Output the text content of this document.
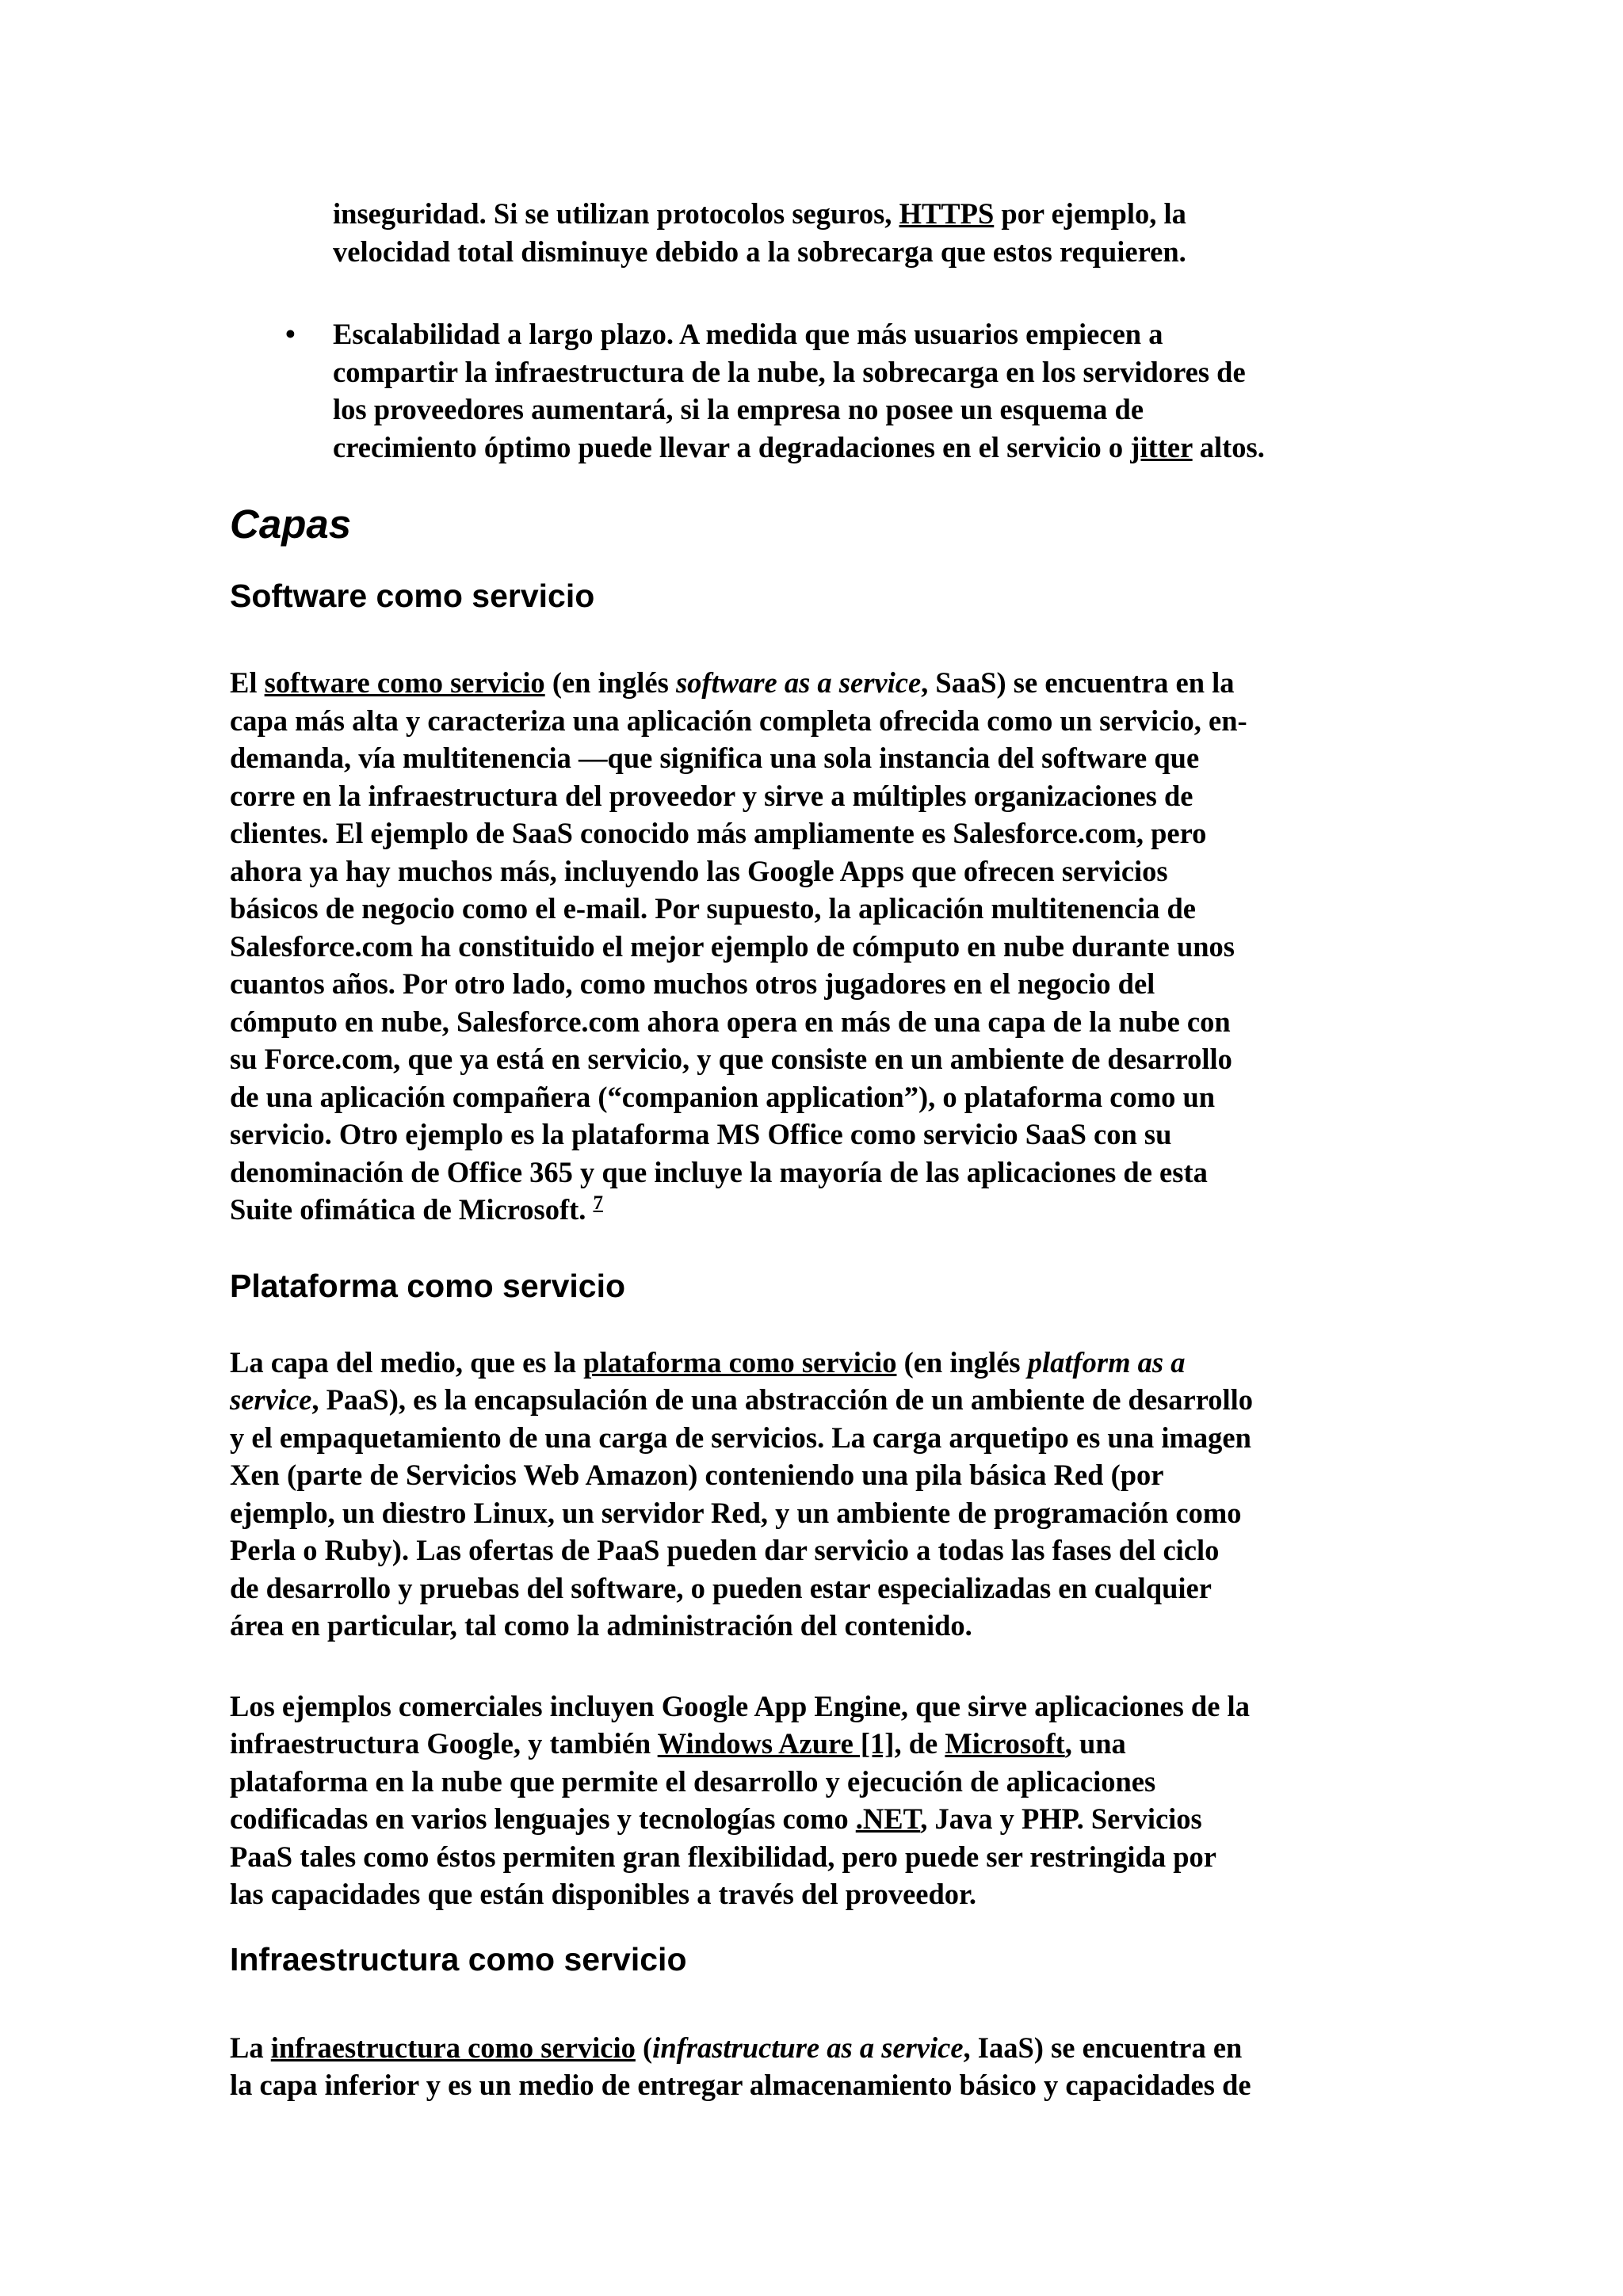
inseguridad. Si se utilizan protocolos seguros, HTTPS por ejemplo, la
velocidad total disminuye debido a la sobrecarga que estos requieren.

• Escalabilidad a largo plazo. A medida que más usuarios empiecen a
compartir la infraestructura de la nube, la sobrecarga en los servidores de
los proveedores aumentará, si la empresa no posee un esquema de
crecimiento óptimo puede llevar a degradaciones en el servicio o jitter altos.

Capas
Software como servicio

El software como servicio (en inglés software as a service, SaaS) se encuentra en la
capa más alta y caracteriza una aplicación completa ofrecida como un servicio, en-
demanda, vía multitenencia —que significa una sola instancia del software que
corre en la infraestructura del proveedor y sirve a múltiples organizaciones de
clientes. El ejemplo de SaaS conocido más ampliamente es Salesforce.com, pero
ahora ya hay muchos más, incluyendo las Google Apps que ofrecen servicios
básicos de negocio como el e-mail. Por supuesto, la aplicación multitenencia de
Salesforce.com ha constituido el mejor ejemplo de cómputo en nube durante unos
cuantos años. Por otro lado, como muchos otros jugadores en el negocio del
cómputo en nube, Salesforce.com ahora opera en más de una capa de la nube con
su Force.com, que ya está en servicio, y que consiste en un ambiente de desarrollo
de una aplicación compañera (“companion application”), o plataforma como un
servicio. Otro ejemplo es la plataforma MS Office como servicio SaaS con su
denominación de Office 365 y que incluye la mayoría de las aplicaciones de esta
Suite ofimática de Microsoft. $^7$

Plataforma como servicio

La capa del medio, que es la plataforma como servicio (en inglés platform as a
service, PaaS), es la encapsulación de una abstracción de un ambiente de desarrollo
y el empaquetamiento de una carga de servicios. La carga arquetipo es una imagen
Xen (parte de Servicios Web Amazon) conteniendo una pila básica Red (por
ejemplo, un diestro Linux, un servidor Red, y un ambiente de programación como
Perla o Ruby). Las ofertas de PaaS pueden dar servicio a todas las fases del ciclo
de desarrollo y pruebas del software, o pueden estar especializadas en cualquier
área en particular, tal como la administración del contenido.

Los ejemplos comerciales incluyen Google App Engine, que sirve aplicaciones de la
infraestructura Google, y también Windows Azure [1], de Microsoft, una
plataforma en la nube que permite el desarrollo y ejecución de aplicaciones
codificadas en varios lenguajes y tecnologías como .NET, Java y PHP. Servicios
PaaS tales como éstos permiten gran flexibilidad, pero puede ser restringida por
las capacidades que están disponibles a través del proveedor.

Infraestructura como servicio

La infraestructura como servicio (infrastructure as a service, IaaS) se encuentra en
la capa inferior y es un medio de entregar almacenamiento básico y capacidades de
